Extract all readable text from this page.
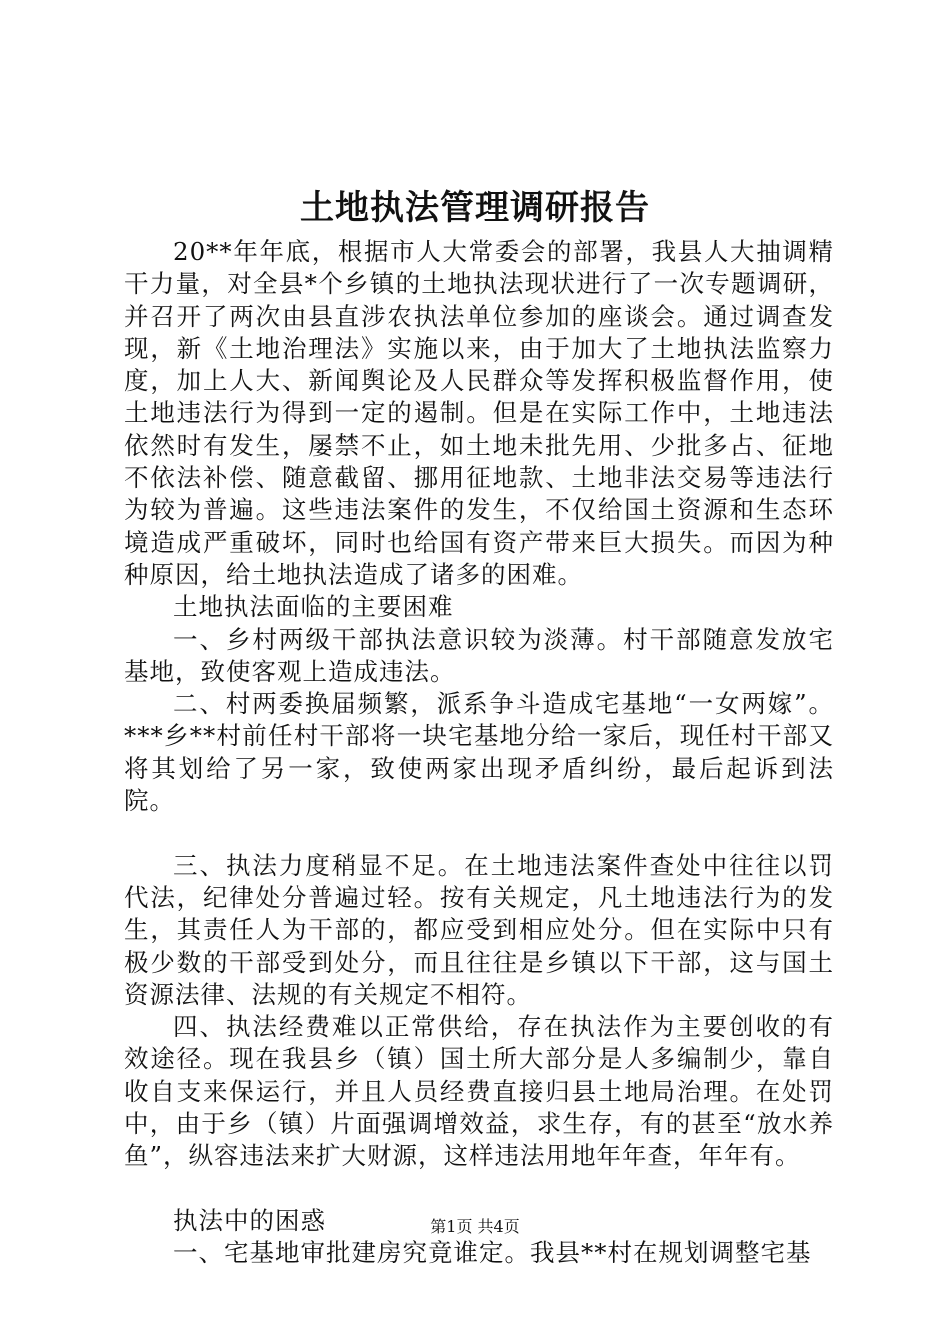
土地执法管理调研报告

20**年年底，根据市人大常委会的部署，我县人大抽调精干力量，对全县*个乡镇的土地执法现状进行了一次专题调研，并召开了两次由县直涉农执法单位参加的座谈会。通过调查发现，新《土地治理法》实施以来，由于加大了土地执法监察力度，加上人大、新闻舆论及人民群众等发挥积极监督作用，使土地违法行为得到一定的遏制。但是在实际工作中，土地违法依然时有发生，屡禁不止，如土地未批先用、少批多占、征地不依法补偿、随意截留、挪用征地款、土地非法交易等违法行为较为普遍。这些违法案件的发生，不仅给国土资源和生态环境造成严重破坏，同时也给国有资产带来巨大损失。而因为种种原因，给土地执法造成了诸多的困难。

土地执法面临的主要困难

一、乡村两级干部执法意识较为淡薄。村干部随意发放宅基地，致使客观上造成违法。

二、村两委换届频繁，派系争斗造成宅基地“一女两嫁”。***乡**村前任村干部将一块宅基地分给一家后，现任村干部又将其划给了另一家，致使两家出现矛盾纠纷，最后起诉到法院。

三、执法力度稍显不足。在土地违法案件查处中往往以罚代法，纪律处分普遍过轻。按有关规定，凡土地违法行为的发生，其责任人为干部的，都应受到相应处分。但在实际中只有极少数的干部受到处分，而且往往是乡镇以下干部，这与国土资源法律、法规的有关规定不相符。

四、执法经费难以正常供给，存在执法作为主要创收的有效途径。现在我县乡（镇）国土所大部分是人多编制少，靠自收自支来保运行，并且人员经费直接归县土地局治理。在处罚中，由于乡（镇）片面强调增效益，求生存，有的甚至“放水养鱼”，纵容违法来扩大财源，这样违法用地年年查，年年有。

执法中的困惑

一、宅基地审批建房究竟谁定。我县**村在规划调整宅基

第1页 共4页
